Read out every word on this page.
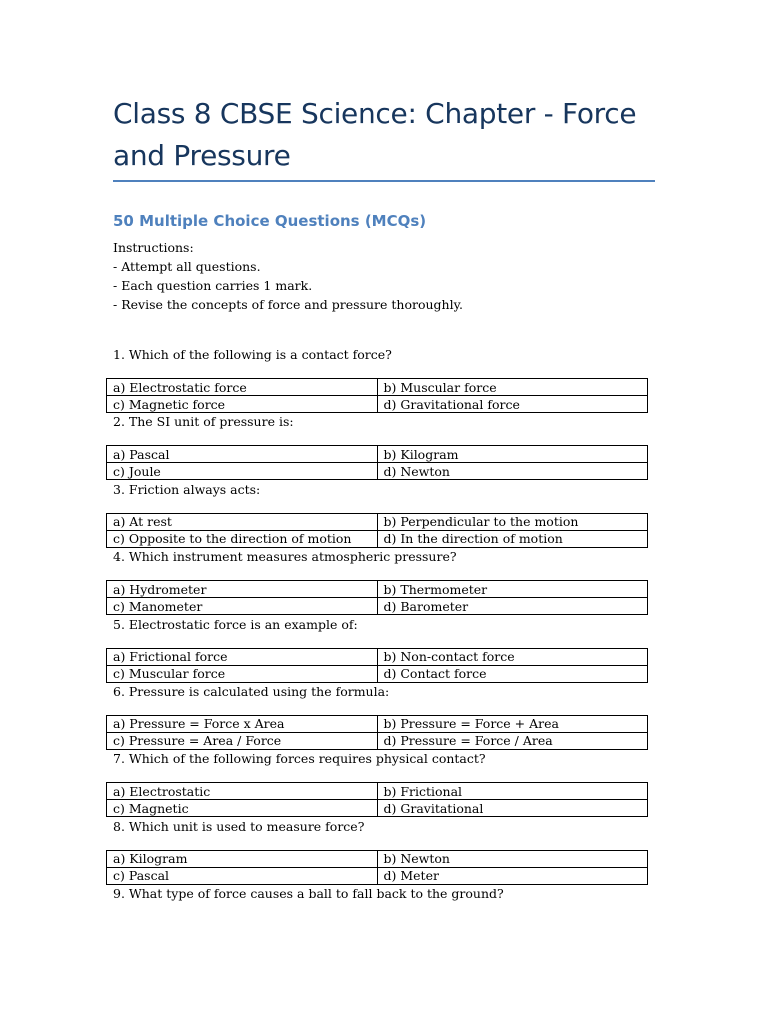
Class 8 CBSE Science: Chapter - Force and Pressure
50 Multiple Choice Questions (MCQs)
Instructions:
- Attempt all questions.
- Each question carries 1 mark.
- Revise the concepts of force and pressure thoroughly.
1. Which of the following is a contact force?
a) Electrostatic force	b) Muscular force
c) Magnetic force	d) Gravitational force
2. The SI unit of pressure is:
a) Pascal	b) Kilogram
c) Joule	d) Newton
3. Friction always acts:
a) At rest	b) Perpendicular to the motion
c) Opposite to the direction of motion	d) In the direction of motion
4. Which instrument measures atmospheric pressure?
a) Hydrometer	b) Thermometer
c) Manometer	d) Barometer
5. Electrostatic force is an example of:
a) Frictional force	b) Non-contact force
c) Muscular force	d) Contact force
6. Pressure is calculated using the formula:
a) Pressure = Force x Area	b) Pressure = Force + Area
c) Pressure = Area / Force	d) Pressure = Force / Area
7. Which of the following forces requires physical contact?
a) Electrostatic	b) Frictional
c) Magnetic	d) Gravitational
8. Which unit is used to measure force?
a) Kilogram	b) Newton
c) Pascal	d) Meter
9. What type of force causes a ball to fall back to the ground?
